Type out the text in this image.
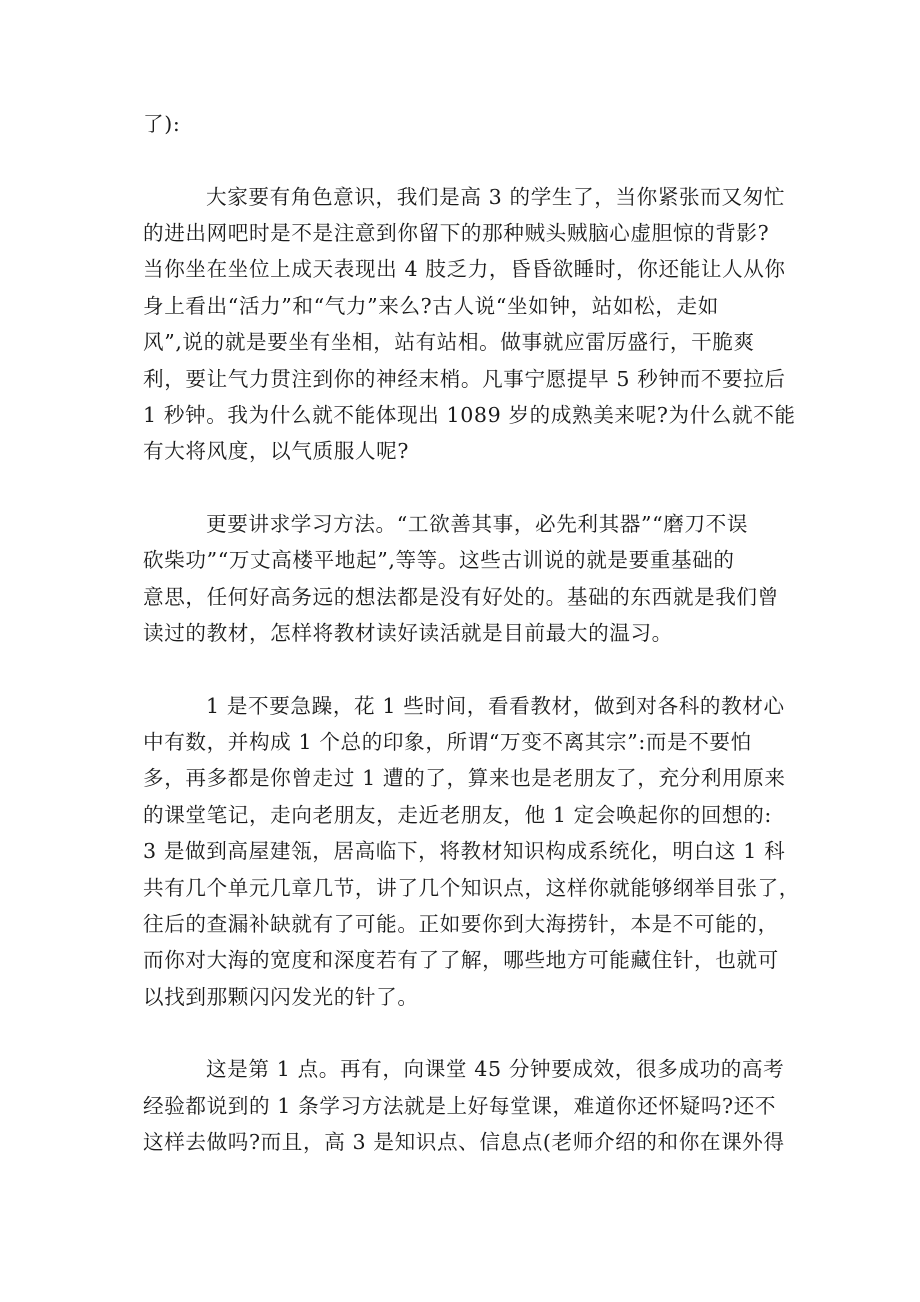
了):
大家要有角色意识，我们是高 3 的学生了，当你紧张而又匆忙
的进出网吧时是不是注意到你留下的那种贼头贼脑心虚胆惊的背影?
当你坐在坐位上成天表现出 4 肢乏力，昏昏欲睡时，你还能让人从你
身上看出“活力”和“气力”来么?古人说“坐如钟，站如松，走如
风”,说的就是要坐有坐相，站有站相。做事就应雷厉盛行，干脆爽
利，要让气力贯注到你的神经末梢。凡事宁愿提早 5 秒钟而不要拉后
1 秒钟。我为什么就不能体现出 1089 岁的成熟美来呢?为什么就不能
有大将风度，以气质服人呢?
更要讲求学习方法。“工欲善其事，必先利其器”“磨刀不误
砍柴功”“万丈高楼平地起”,等等。这些古训说的就是要重基础的
意思，任何好高务远的想法都是没有好处的。基础的东西就是我们曾
读过的教材，怎样将教材读好读活就是目前最大的温习。
1 是不要急躁，花 1 些时间，看看教材，做到对各科的教材心
中有数，并构成 1 个总的印象，所谓“万变不离其宗”:而是不要怕
多，再多都是你曾走过 1 遭的了，算来也是老朋友了，充分利用原来
的课堂笔记，走向老朋友，走近老朋友，他 1 定会唤起你的回想的:
3 是做到高屋建瓴，居高临下，将教材知识构成系统化，明白这 1 科
共有几个单元几章几节，讲了几个知识点，这样你就能够纲举目张了，
往后的查漏补缺就有了可能。正如要你到大海捞针，本是不可能的，
而你对大海的宽度和深度若有了了解，哪些地方可能藏住针，也就可
以找到那颗闪闪发光的针了。
这是第 1 点。再有，向课堂 45 分钟要成效，很多成功的高考
经验都说到的 1 条学习方法就是上好每堂课，难道你还怀疑吗?还不
这样去做吗?而且，高 3 是知识点、信息点(老师介绍的和你在课外得
